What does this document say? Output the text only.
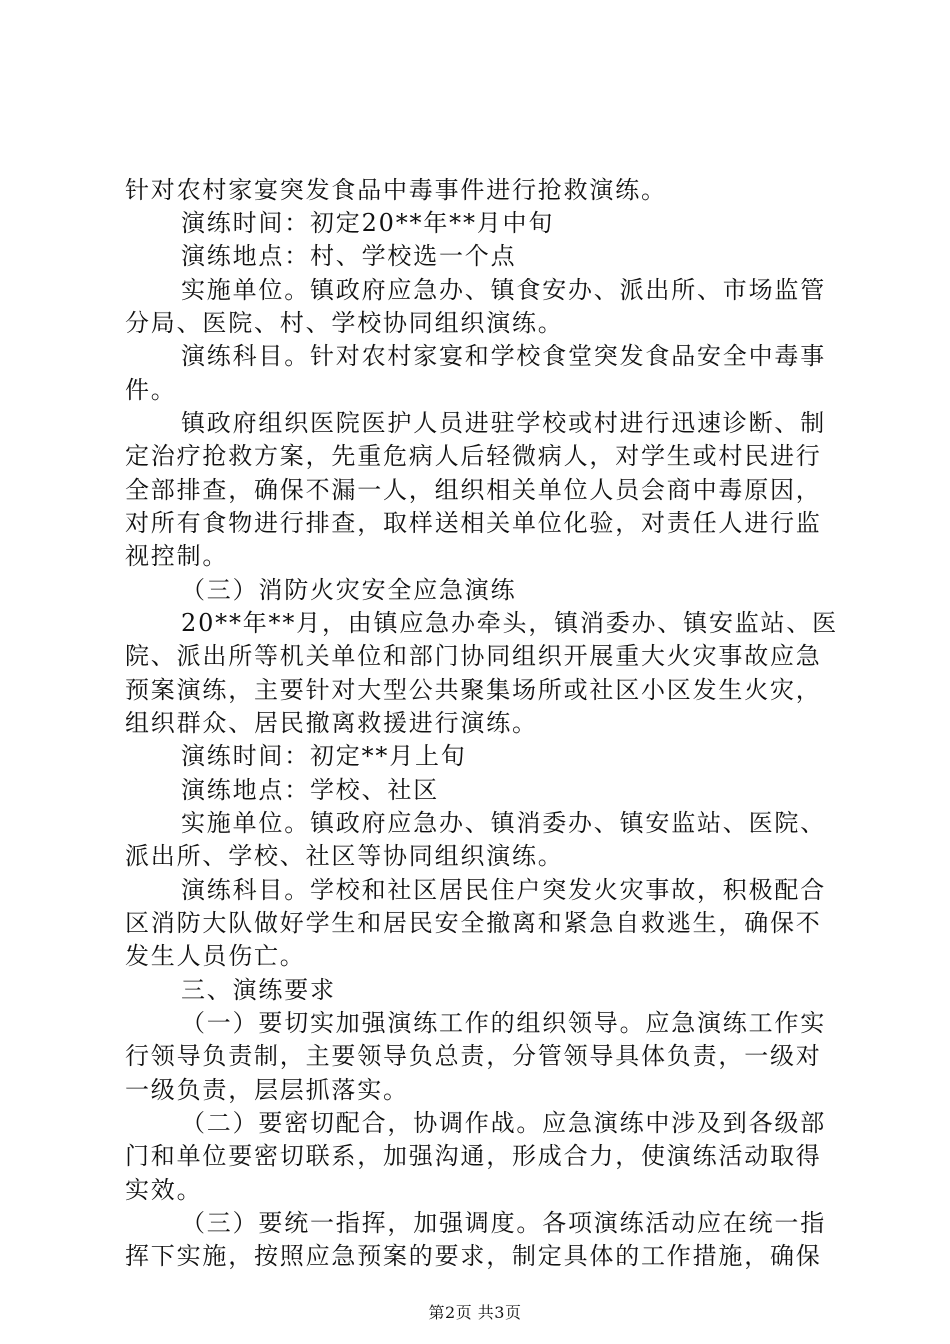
针对农村家宴突发食品中毒事件进行抢救演练。
演练时间：初定20**年**月中旬
演练地点：村、学校选一个点
实施单位。镇政府应急办、镇食安办、派出所、市场监管
分局、医院、村、学校协同组织演练。
演练科目。针对农村家宴和学校食堂突发食品安全中毒事
件。
镇政府组织医院医护人员进驻学校或村进行迅速诊断、制
定治疗抢救方案，先重危病人后轻微病人，对学生或村民进行
全部排查，确保不漏一人，组织相关单位人员会商中毒原因，
对所有食物进行排查，取样送相关单位化验，对责任人进行监
视控制。
（三）消防火灾安全应急演练
20**年**月，由镇应急办牵头，镇消委办、镇安监站、医
院、派出所等机关单位和部门协同组织开展重大火灾事故应急
预案演练，主要针对大型公共聚集场所或社区小区发生火灾，
组织群众、居民撤离救援进行演练。
演练时间：初定**月上旬
演练地点：学校、社区
实施单位。镇政府应急办、镇消委办、镇安监站、医院、
派出所、学校、社区等协同组织演练。
演练科目。学校和社区居民住户突发火灾事故，积极配合
区消防大队做好学生和居民安全撤离和紧急自救逃生，确保不
发生人员伤亡。
三、演练要求
（一）要切实加强演练工作的组织领导。应急演练工作实
行领导负责制，主要领导负总责，分管领导具体负责，一级对
一级负责，层层抓落实。
（二）要密切配合，协调作战。应急演练中涉及到各级部
门和单位要密切联系，加强沟通，形成合力，使演练活动取得
实效。
（三）要统一指挥，加强调度。各项演练活动应在统一指
挥下实施，按照应急预案的要求，制定具体的工作措施，确保
第2页 共3页
